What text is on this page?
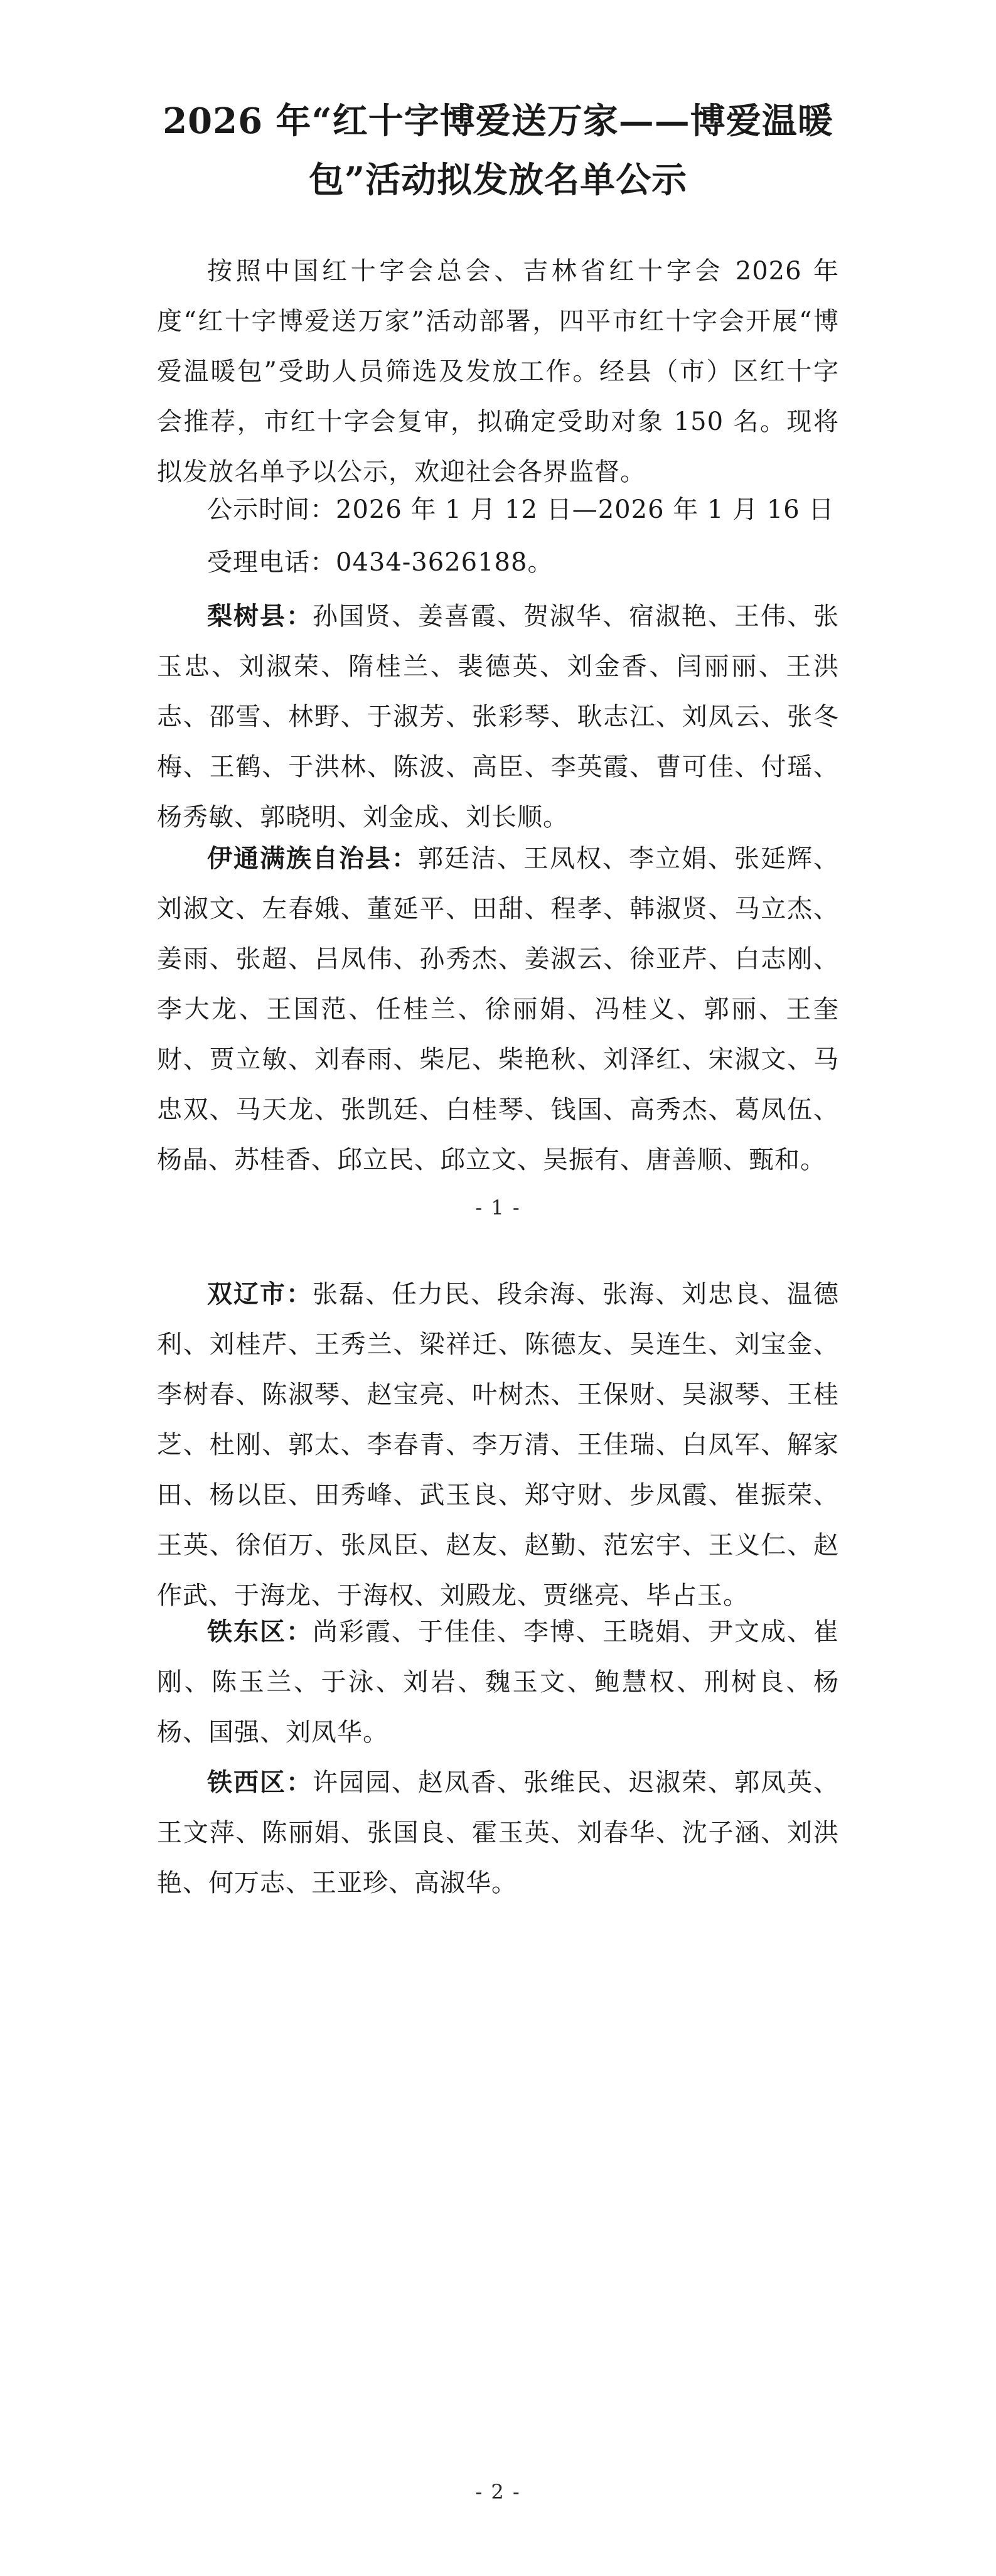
2026 年“红十字博爱送万家——博爱温暖包”活动拟发放名单公示

按照中国红十字会总会、吉林省红十字会 2026 年度“红十字博爱送万家”活动部署，四平市红十字会开展“博爱温暖包”受助人员筛选及发放工作。经县（市）区红十字会推荐，市红十字会复审，拟确定受助对象 150 名。现将拟发放名单予以公示，欢迎社会各界监督。

公示时间：2026 年 1 月 12 日—2026 年 1 月 16 日

受理电话：0434-3626188。

梨树县：孙国贤、姜喜霞、贺淑华、宿淑艳、王伟、张玉忠、刘淑荣、隋桂兰、裴德英、刘金香、闫丽丽、王洪志、邵雪、林野、于淑芳、张彩琴、耿志江、刘凤云、张冬梅、王鹤、于洪林、陈波、高臣、李英霞、曹可佳、付瑶、杨秀敏、郭晓明、刘金成、刘长顺。

伊通满族自治县：郭廷洁、王凤权、李立娟、张延辉、刘淑文、左春娥、董延平、田甜、程孝、韩淑贤、马立杰、姜雨、张超、吕凤伟、孙秀杰、姜淑云、徐亚芹、白志刚、李大龙、王国范、任桂兰、徐丽娟、冯桂义、郭丽、王奎财、贾立敏、刘春雨、柴尼、柴艳秋、刘泽红、宋淑文、马忠双、马天龙、张凯廷、白桂琴、钱国、高秀杰、葛凤伍、杨晶、苏桂香、邱立民、邱立文、吴振有、唐善顺、甄和。

- 1 -

双辽市：张磊、任力民、段余海、张海、刘忠良、温德利、刘桂芹、王秀兰、梁祥迁、陈德友、吴连生、刘宝金、李树春、陈淑琴、赵宝亮、叶树杰、王保财、吴淑琴、王桂芝、杜刚、郭太、李春青、李万清、王佳瑞、白凤军、解家田、杨以臣、田秀峰、武玉良、郑守财、步凤霞、崔振荣、王英、徐佰万、张凤臣、赵友、赵勤、范宏宇、王义仁、赵作武、于海龙、于海权、刘殿龙、贾继亮、毕占玉。

铁东区：尚彩霞、于佳佳、李博、王晓娟、尹文成、崔刚、陈玉兰、于泳、刘岩、魏玉文、鲍慧权、刑树良、杨杨、国强、刘凤华。

铁西区：许园园、赵凤香、张维民、迟淑荣、郭凤英、王文萍、陈丽娟、张国良、霍玉英、刘春华、沈子涵、刘洪艳、何万志、王亚珍、高淑华。

- 2 -
